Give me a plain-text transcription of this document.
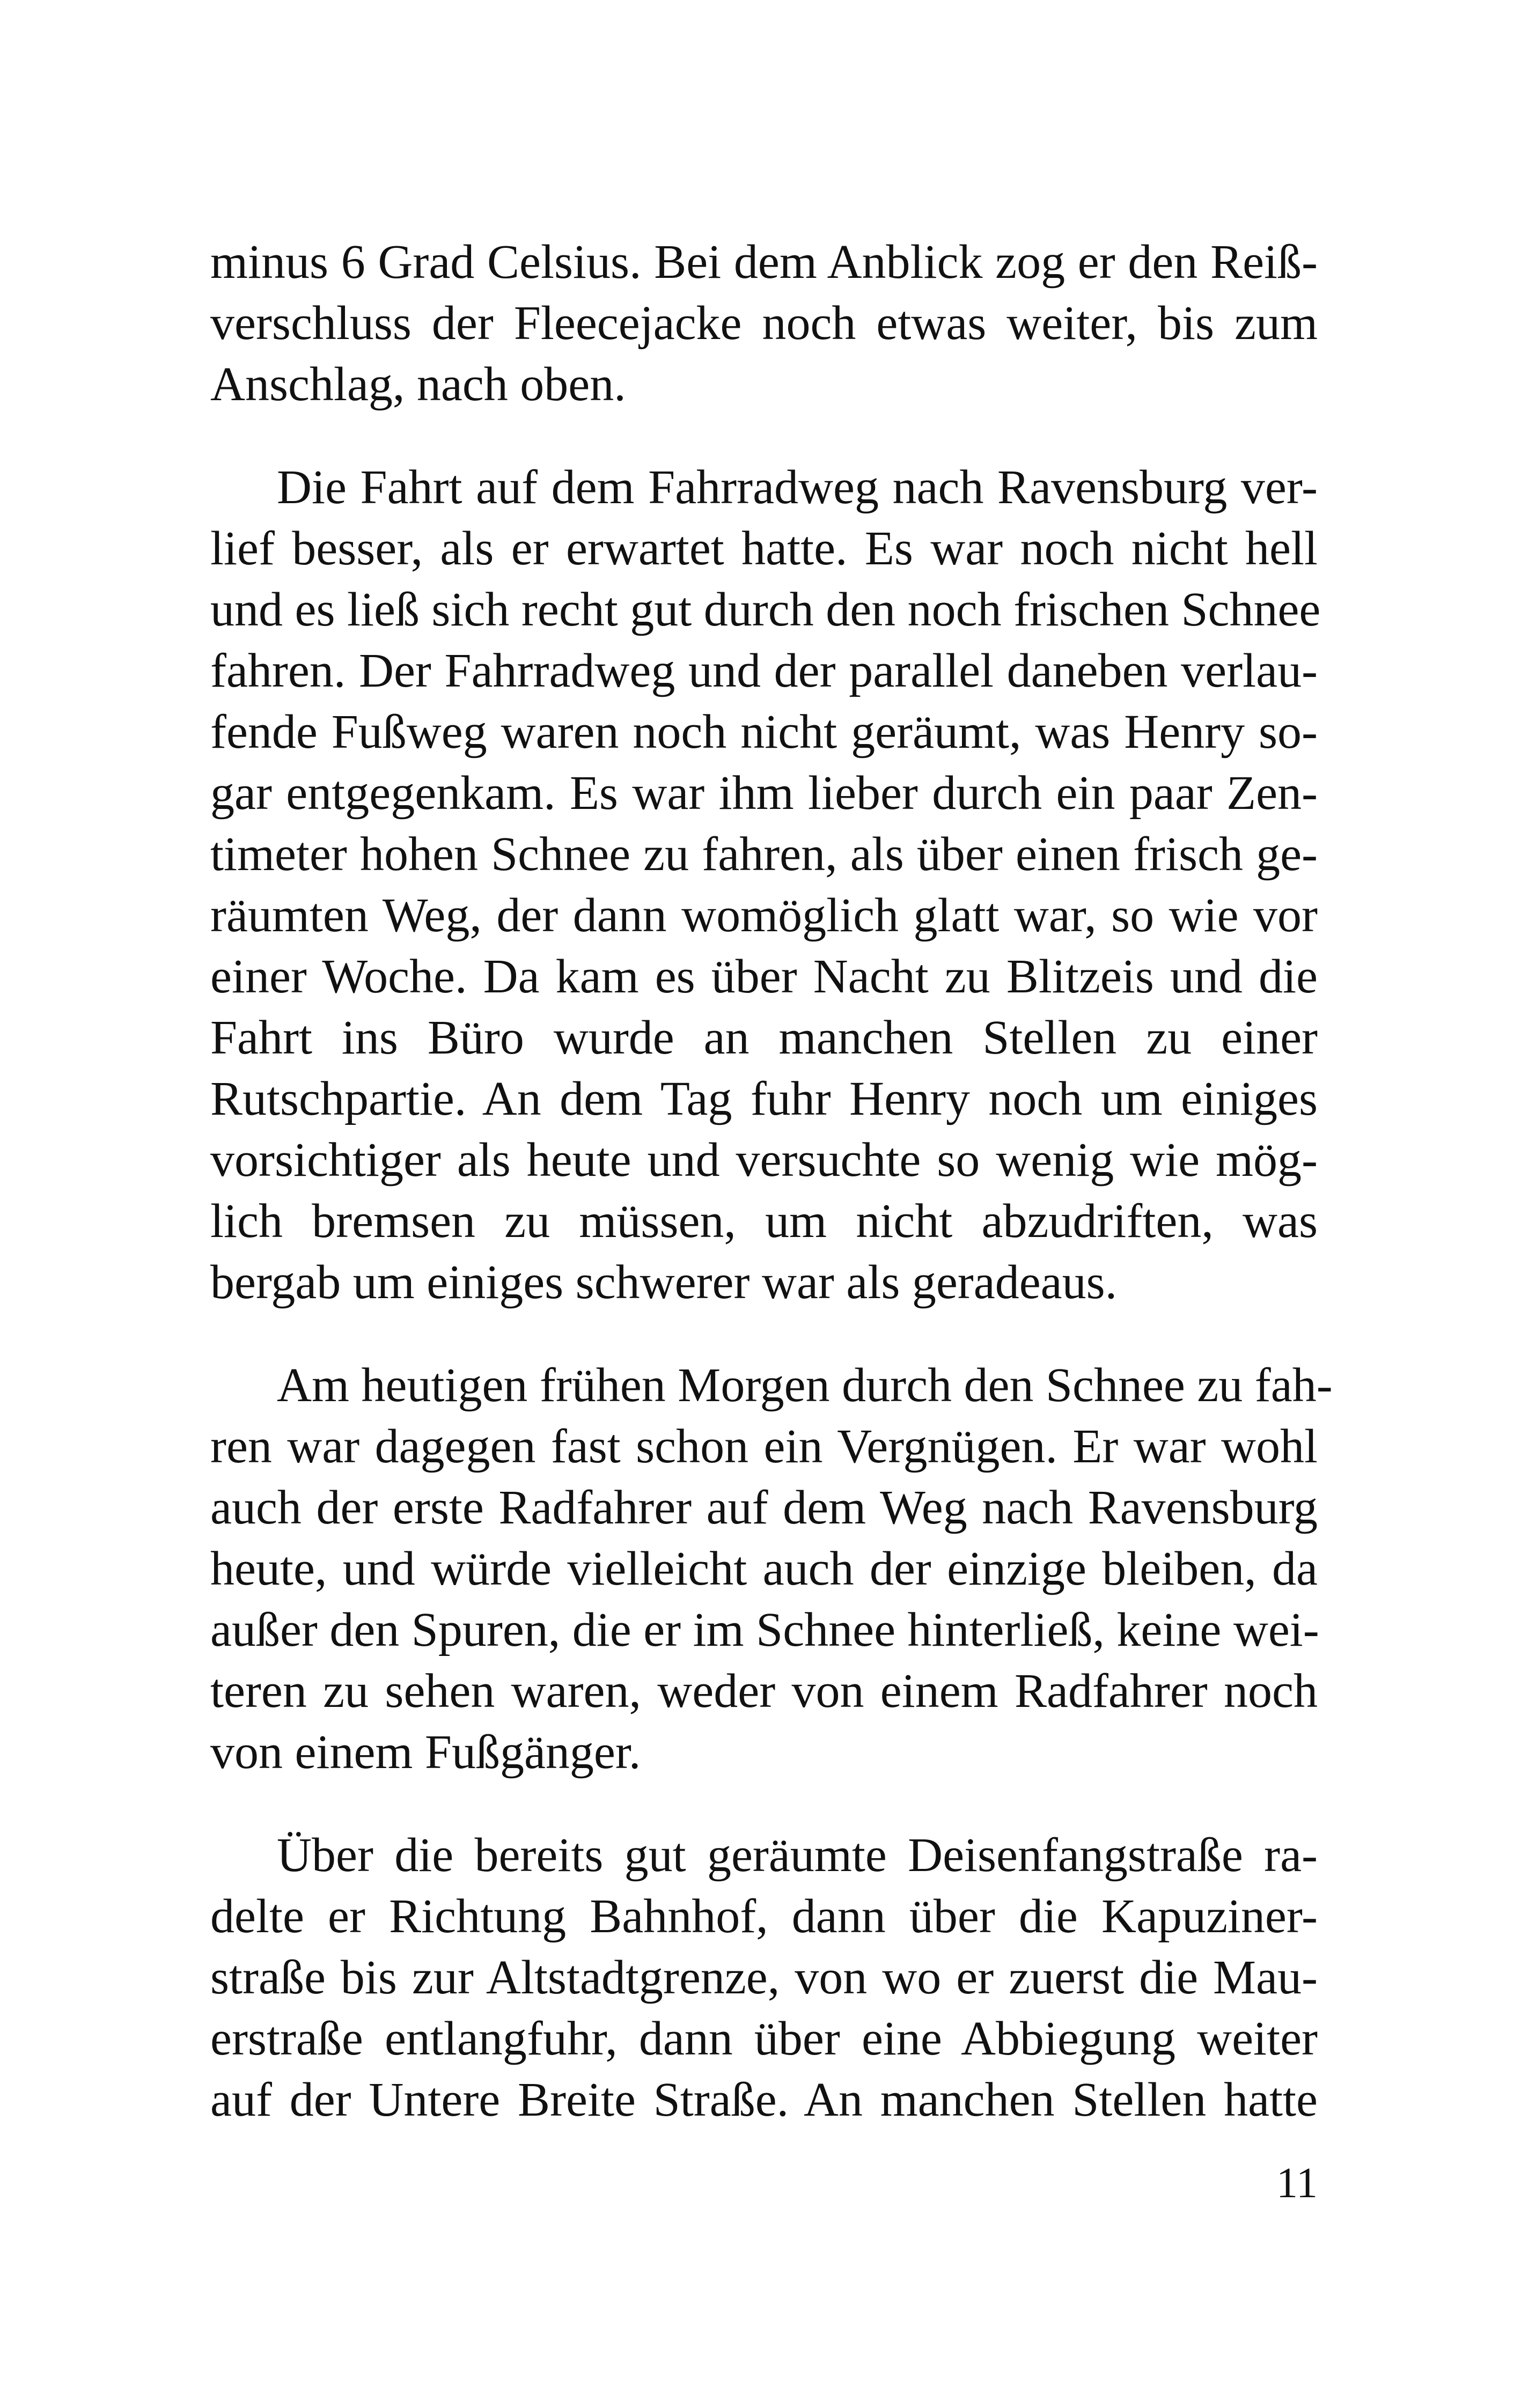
minus 6 Grad Celsius. Bei dem Anblick zog er den Reiß-
verschluss der Fleecejacke noch etwas weiter, bis zum
Anschlag, nach oben.
Die Fahrt auf dem Fahrradweg nach Ravensburg ver-
lief besser, als er erwartet hatte. Es war noch nicht hell
und es ließ sich recht gut durch den noch frischen Schnee
fahren. Der Fahrradweg und der parallel daneben verlau-
fende Fußweg waren noch nicht geräumt, was Henry so-
gar entgegenkam. Es war ihm lieber durch ein paar Zen-
timeter hohen Schnee zu fahren, als über einen frisch ge-
räumten Weg, der dann womöglich glatt war, so wie vor
einer Woche. Da kam es über Nacht zu Blitzeis und die
Fahrt ins Büro wurde an manchen Stellen zu einer
Rutschpartie. An dem Tag fuhr Henry noch um einiges
vorsichtiger als heute und versuchte so wenig wie mög-
lich bremsen zu müssen, um nicht abzudriften, was
bergab um einiges schwerer war als geradeaus.
Am heutigen frühen Morgen durch den Schnee zu fah-
ren war dagegen fast schon ein Vergnügen. Er war wohl
auch der erste Radfahrer auf dem Weg nach Ravensburg
heute, und würde vielleicht auch der einzige bleiben, da
außer den Spuren, die er im Schnee hinterließ, keine wei-
teren zu sehen waren, weder von einem Radfahrer noch
von einem Fußgänger.
Über die bereits gut geräumte Deisenfangstraße ra-
delte er Richtung Bahnhof, dann über die Kapuziner-
straße bis zur Altstadtgrenze, von wo er zuerst die Mau-
erstraße entlangfuhr, dann über eine Abbiegung weiter
auf der Untere Breite Straße. An manchen Stellen hatte
11
